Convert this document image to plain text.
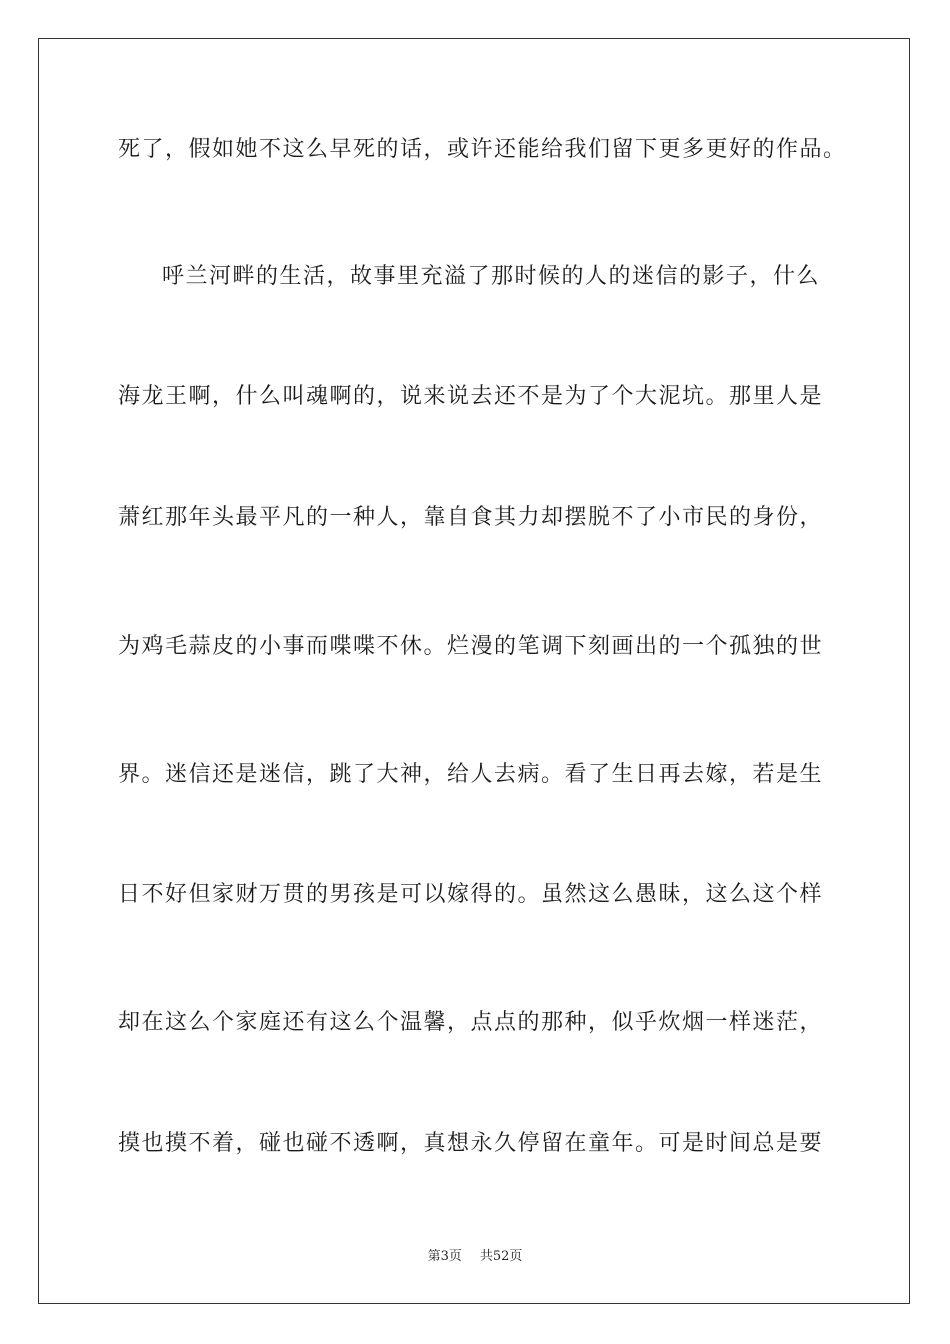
死了，假如她不这么早死的话，或许还能给我们留下更多更好的作品。
呼兰河畔的生活，故事里充溢了那时候的人的迷信的影子，什么
海龙王啊，什么叫魂啊的，说来说去还不是为了个大泥坑。那里人是
萧红那年头最平凡的一种人，靠自食其力却摆脱不了小市民的身份，
为鸡毛蒜皮的小事而喋喋不休。烂漫的笔调下刻画出的一个孤独的世
界。迷信还是迷信，跳了大神，给人去病。看了生日再去嫁，若是生
日不好但家财万贯的男孩是可以嫁得的。虽然这么愚昧，这么这个样
却在这么个家庭还有这么个温馨，点点的那种，似乎炊烟一样迷茫，
摸也摸不着，碰也碰不透啊，真想永久停留在童年。可是时间总是要
第3页 共52页
